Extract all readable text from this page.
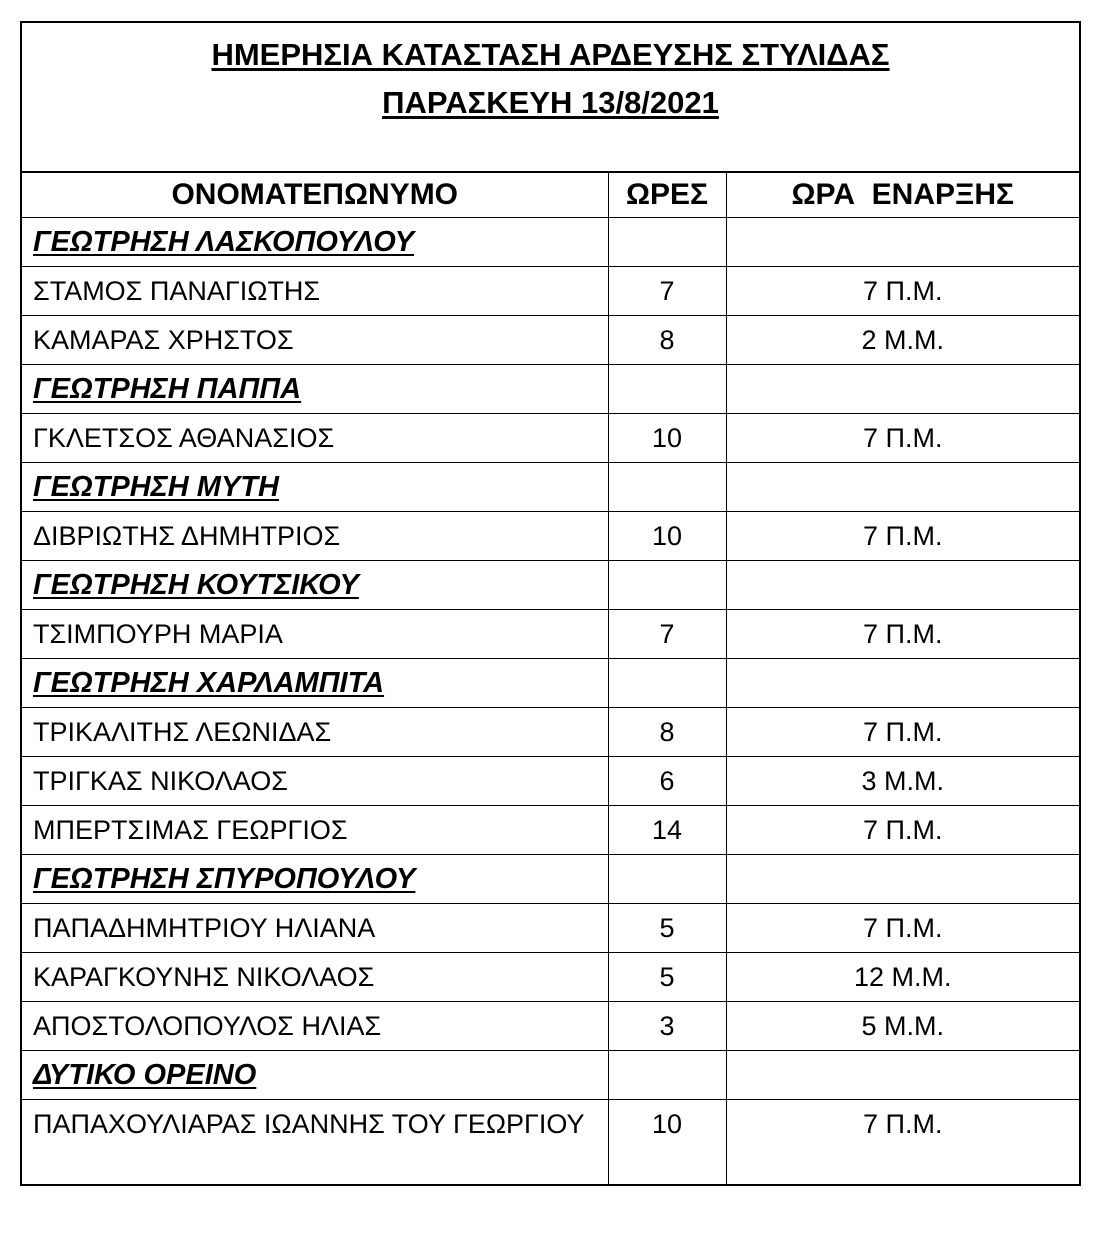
ΗΜΕΡΗΣΙΑ ΚΑΤΑΣΤΑΣΗ ΑΡΔΕΥΣΗΣ ΣΤΥΛΙΔΑΣ
ΠΑΡΑΣΚΕΥΗ 13/8/2021
ΟΝΟΜΑΤΕΠΩΝΥΜΟ	ΩΡΕΣ	ΩΡΑ  ΕΝΑΡΞΗΣ
ΓΕΩΤΡΗΣΗ ΛΑΣΚΟΠΟΥΛΟΥ		
ΣΤΑΜΟΣ ΠΑΝΑΓΙΩΤΗΣ	7	7 Π.Μ.
ΚΑΜΑΡΑΣ ΧΡΗΣΤΟΣ	8	2 Μ.Μ.
ΓΕΩΤΡΗΣΗ ΠΑΠΠΑ		
ΓΚΛΕΤΣΟΣ ΑΘΑΝΑΣΙΟΣ	10	7 Π.Μ.
ΓΕΩΤΡΗΣΗ ΜΥΤΗ		
ΔΙΒΡΙΩΤΗΣ ΔΗΜΗΤΡΙΟΣ	10	7 Π.Μ.
ΓΕΩΤΡΗΣΗ ΚΟΥΤΣΙΚΟΥ		
ΤΣΙΜΠΟΥΡΗ ΜΑΡΙΑ	7	7 Π.Μ.
ΓΕΩΤΡΗΣΗ ΧΑΡΛΑΜΠΙΤΑ		
ΤΡΙΚΑΛΙΤΗΣ ΛΕΩΝΙΔΑΣ	8	7 Π.Μ.
ΤΡΙΓΚΑΣ ΝΙΚΟΛΑΟΣ	6	3 Μ.Μ.
ΜΠΕΡΤΣΙΜΑΣ ΓΕΩΡΓΙΟΣ	14	7 Π.Μ.
ΓΕΩΤΡΗΣΗ ΣΠΥΡΟΠΟΥΛΟΥ		
ΠΑΠΑΔΗΜΗΤΡΙΟΥ ΗΛΙΑΝΑ	5	7 Π.Μ.
ΚΑΡΑΓΚΟΥΝΗΣ ΝΙΚΟΛΑΟΣ	5	12 Μ.Μ.
ΑΠΟΣΤΟΛΟΠΟΥΛΟΣ ΗΛΙΑΣ	3	5 Μ.Μ.
ΔΥΤΙΚΟ ΟΡΕΙΝΟ		
ΠΑΠΑΧΟΥΛΙΑΡΑΣ ΙΩΑΝΝΗΣ ΤΟΥ ΓΕΩΡΓΙΟΥ	10	7 Π.Μ.
